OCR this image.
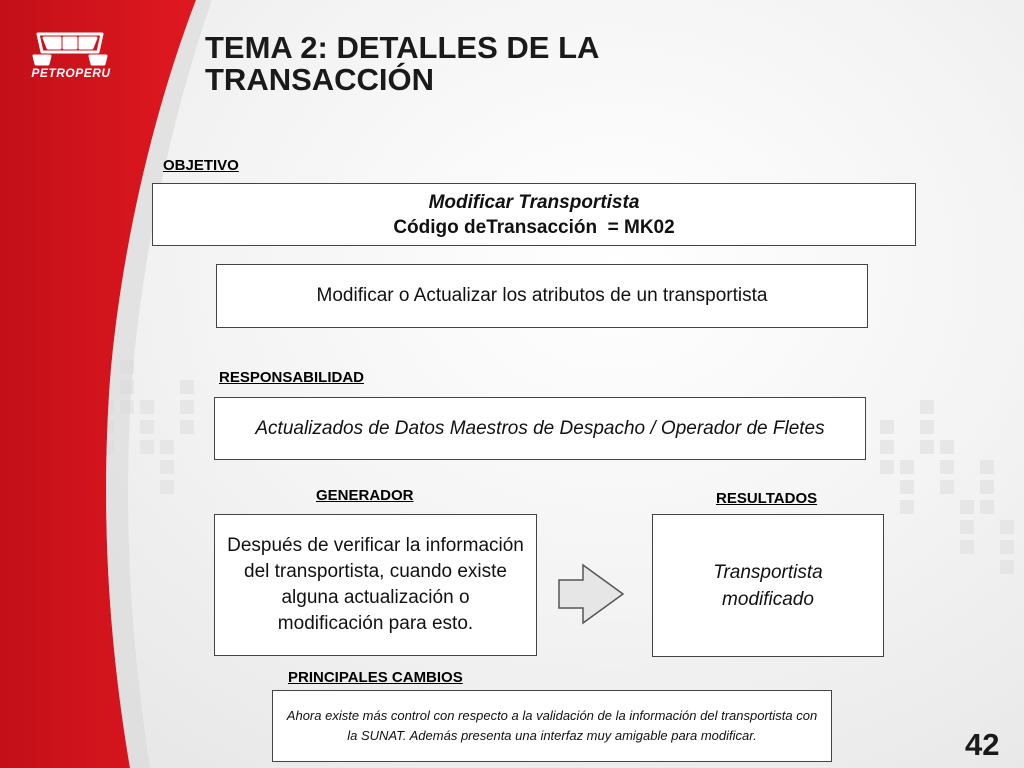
PETROPERU
TEMA 2: DETALLES DE LA TRANSACCIÓN
OBJETIVO
Modificar Transportista
Código deTransacción  = MK02
Modificar o Actualizar los atributos de un transportista
RESPONSABILIDAD
Actualizados de Datos Maestros de Despacho / Operador de Fletes
GENERADOR
Después de verificar la información del transportista, cuando existe alguna actualización o modificación para esto.
RESULTADOS
Transportista modificado
PRINCIPALES CAMBIOS
Ahora existe más control con respecto a la validación de la información del transportista con la SUNAT. Además presenta una interfaz muy amigable para modificar.	42
